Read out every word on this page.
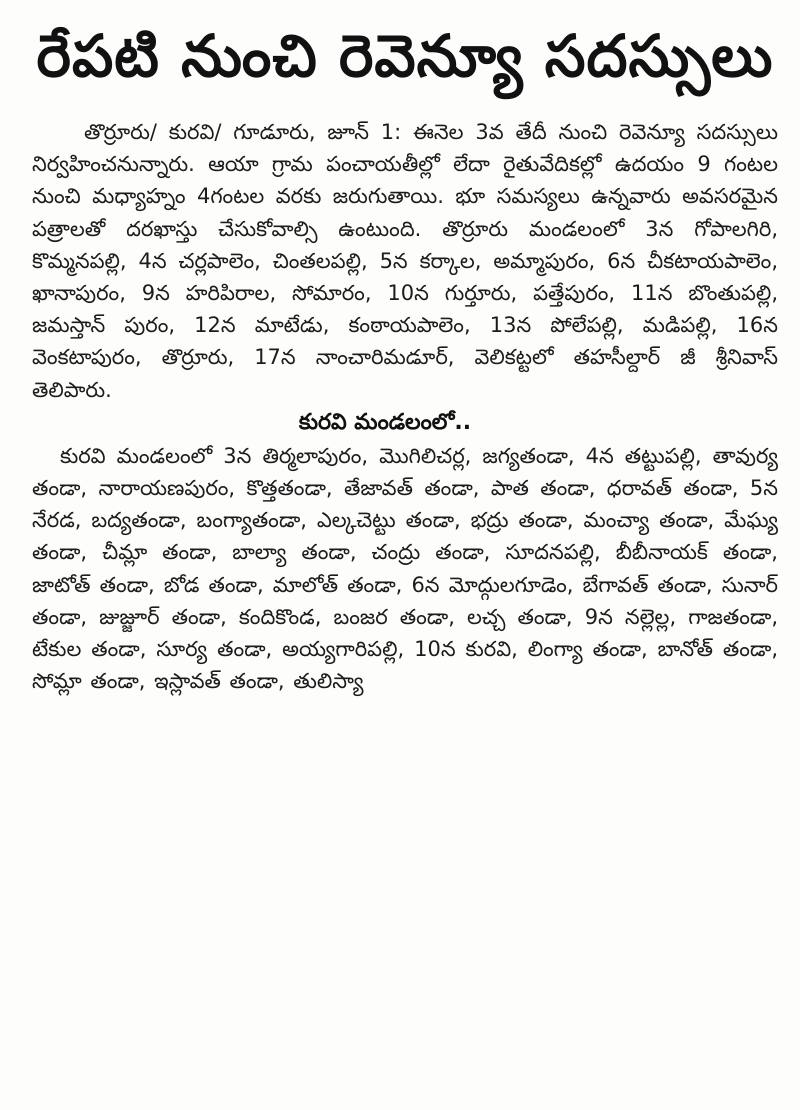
రేపటి నుంచి రెవెన్యూ సదస్సులు

తొర్రూరు/ కురవి/ గూడూరు, జూన్ 1: ఈనెల 3వ తేదీ నుంచి రెవెన్యూ సదస్సులు నిర్వహించనున్నారు. ఆయా గ్రామ పంచాయతీల్లో లేదా రైతువేదికల్లో ఉదయం 9 గంటల నుంచి మధ్యాహ్నం 4గంటల వరకు జరుగుతాయి. భూ సమస్యలు ఉన్నవారు అవసరమైన పత్రాలతో దరఖాస్తు చేసుకోవాల్సి ఉంటుంది. తొర్రూరు మండలంలో 3న గోపాలగిరి, కొమ్మనపల్లి, 4న చర్లపాలెం, చింతలపల్లి, 5న కర్కాల, అమ్మాపురం, 6న చీకటాయపాలెం, ఖానాపురం, 9న హరిపిరాల, సోమారం, 10న గుర్తూరు, పత్తేపురం, 11న బొంతుపల్లి, జమస్తాన్ పురం, 12న మాటేడు, కంఠాయపాలెం, 13న పోలేపల్లి, మడిపల్లి, 16న వెంకటాపురం, తొర్రూరు, 17న నాంచారిమడూర్, వెలికట్టలో తహసీల్దార్ జీ శ్రీనివాస్ తెలిపారు.

కురవి మండలంలో..

కురవి మండలంలో 3న తిర్మలాపురం, మొగిలిచర్ల, జగ్యతండా, 4న తట్టుపల్లి, తావుర్య తండా, నారాయణపురం, కొత్తతండా, తేజావత్ తండా, పాత తండా, ధరావత్ తండా, 5న నేరడ, బద్యతండా, బంగ్యాతండా, ఎల్కచెట్టు తండా, భద్రు తండా, మంచ్యా తండా, మేఘ్య తండా, చీమ్లా తండా, బాల్యా తండా, చంద్రు తండా, సూదనపల్లి, బీబీనాయక్ తండా, జాటోత్ తండా, బోడ తండా, మాలోత్ తండా, 6న మోద్గులగూడెం, బేగావత్ తండా, సునార్ తండా, జుజ్జూర్ తండా, కందికొండ, బంజర తండా, లచ్చ తండా, 9న నల్లెల్ల, గాజతండా, టేకుల తండా, సూర్య తండా, అయ్యగారిపల్లి, 10న కురవి, లింగ్యా తండా, బానోత్ తండా, సోమ్లా తండా, ఇస్లావత్ తండా, తులిస్యా
